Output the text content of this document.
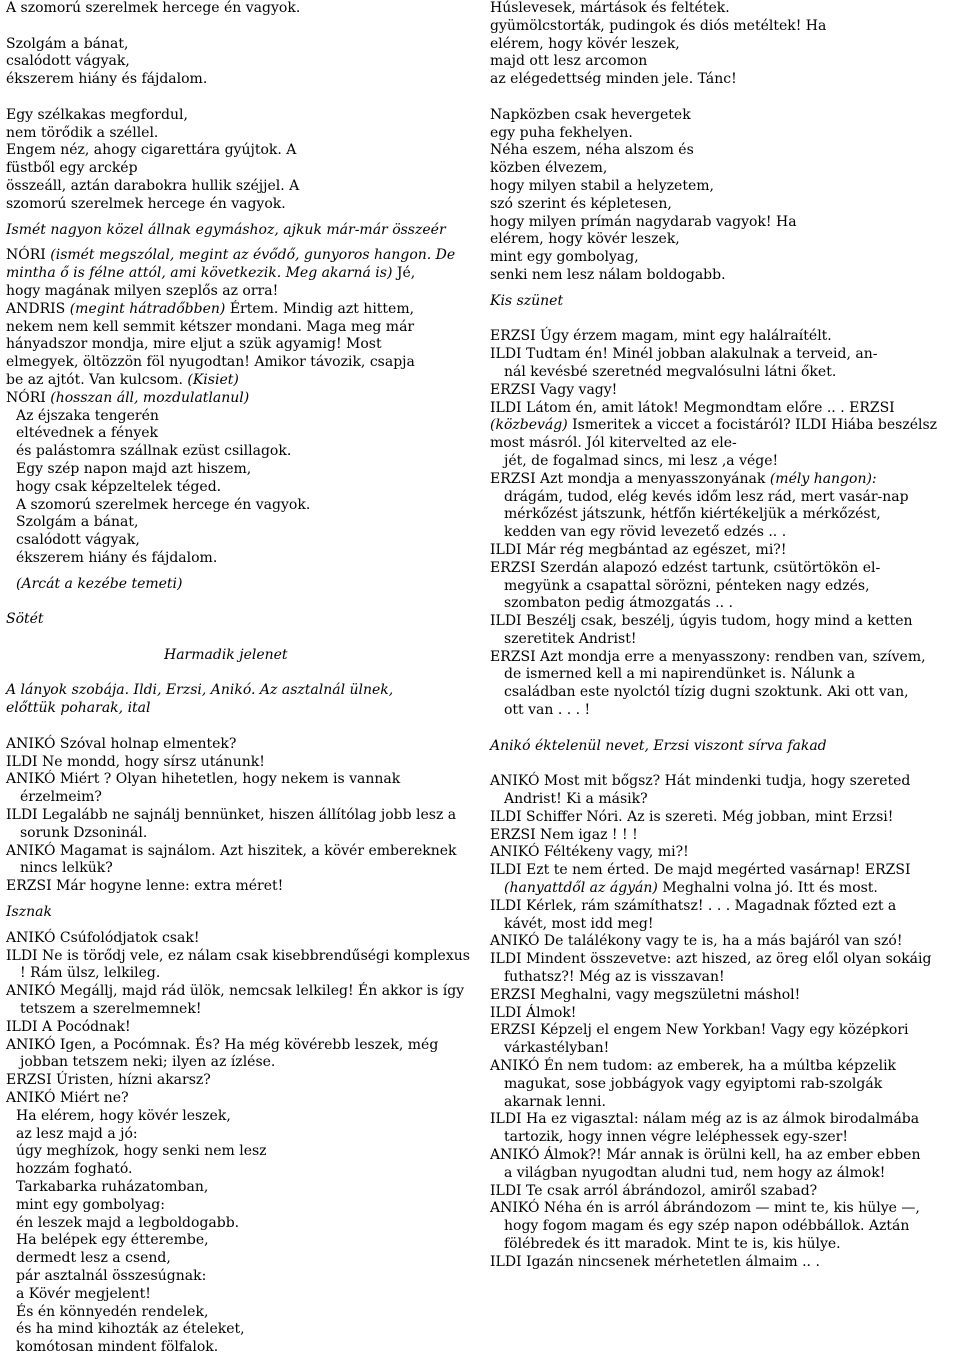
A szomorú szerelmek hercege én vagyok.

Szolgám a bánat,

csalódott vágyak,

ékszerem hiány és fájdalom.

Egy szélkakas megfordul,

nem törődik a széllel.

Engem néz, ahogy cigarettára gyújtok. A

füstből egy arckép

összeáll, aztán darabokra hullik széjjel. A

szomorú szerelmek hercege én vagyok.

Ismét nagyon közel állnak egymáshoz, ajkuk már-már összeér

NÓRI (ismét megszólal, megint az évődő, gunyoros hangon. De

mintha ő is félne attól, ami következik. Meg akarná is) Jé,

hogy magának milyen szeplős az orra!

ANDRIS (megint hátradőbben) Értem. Mindig azt hittem,

nekem nem kell semmit kétszer mondani. Maga meg már

hányadszor mondja, mire eljut a szük agyamig! Most

elmegyek, öltözzön föl nyugodtan! Amikor távozik, csapja

be az ajtót. Van kulcsom. (Kisiet)

NÓRI (hosszan áll, mozdulatlanul)

Az éjszaka tengerén

eltévednek a fények

és palástomra szállnak ezüst csillagok.

Egy szép napon majd azt hiszem,

hogy csak képzeltelek téged.

A szomorú szerelmek hercege én vagyok.

Szolgám a bánat,

csalódott vágyak,

ékszerem hiány és fájdalom.

(Arcát a kezébe temeti)

Sötét

Harmadik jelenet

A lányok szobája. Ildi, Erzsi, Anikó. Az asztalnál ülnek,

előttük poharak, ital

ANIKÓ Szóval holnap elmentek?

ILDI Ne mondd, hogy sírsz utánunk!

ANIKÓ Miért ? Olyan hihetetlen, hogy nekem is vannak érzelmeim?

ILDI Legalább ne sajnálj bennünket, hiszen állítólag jobb lesz a sorunk Dzsoninál.

ANIKÓ Magamat is sajnálom. Azt hiszitek, a kövér embereknek nincs lelkük?

ERZSI Már hogyne lenne: extra méret!

Isznak

ANIKÓ Csúfolódjatok csak!

ILDI Ne is törődj vele, ez nálam csak kisebbrendűségi komplexus ! Rám ülsz, lelkileg.

ANIKÓ Megállj, majd rád ülök, nemcsak lelkileg! Én akkor is így tetszem a szerelmemnek!

ILDI A Pocódnak!

ANIKÓ Igen, a Pocómnak. És? Ha még kövérebb leszek, még jobban tetszem neki; ilyen az ízlése.

ERZSI Úristen, hízni akarsz?

ANIKÓ Miért ne?

Ha elérem, hogy kövér leszek,

az lesz majd a jó:

úgy meghízok, hogy senki nem lesz

hozzám fogható.

Tarkabarka ruházatomban,

mint egy gombolyag:

én leszek majd a legboldogabb.

Ha belépek egy étterembe,

dermedt lesz a csend,

pár asztalnál összesúgnak:

a Kövér megjelent!

És én könnyedén rendelek,

és ha mind kihozták az ételeket,

komótosan mindent fölfalok.

Húslevesek, mártások és feltétek.

gyümölcstorták, pudingok és diós metéltek! Ha

elérem, hogy kövér leszek,

majd ott lesz arcomon

az elégedettség minden jele. Tánc!

Napközben csak hevergetek

egy puha fekhelyen.

Néha eszem, néha alszom és

közben élvezem,

hogy milyen stabil a helyzetem,

szó szerint és képletesen,

hogy milyen prímán nagydarab vagyok! Ha

elérem, hogy kövér leszek,

mint egy gombolyag,

senki nem lesz nálam boldogabb.

Kis szünet

ERZSI Úgy érzem magam, mint egy halálraítélt.

ILDI Tudtam én! Minél jobban alakulnak a terveid, an-

nál kevésbé szeretnéd megvalósulni látni őket.

ERZSI Vagy vagy!

ILDI Látom én, amit látok! Megmondtam előre .. . ERZSI

(közbevág) Ismeritek a viccet a focistáról? ILDI Hiába beszélsz

most másról. Jól kitervelted az ele-

jét, de fogalmad sincs, mi lesz ,a vége!

ERZSI Azt mondja a menyasszonyának (mély hangon):

drágám, tudod, elég kevés időm lesz rád, mert vasár-nap

mérkőzést játszunk, hétfőn kiértékeljük a mérkőzést,

kedden van egy rövid levezető edzés .. .

ILDI Már rég megbántad az egészet, mi?!

ERZSI Szerdán alapozó edzést tartunk, csütörtökön el-

megyünk a csapattal sörözni, pénteken nagy edzés,

szombaton pedig átmozgatás .. .

ILDI Beszélj csak, beszélj, úgyis tudom, hogy mind a ketten

szeretitek Andrist!

ERZSI Azt mondja erre a menyasszony: rendben van, szívem,

de ismerned kell a mi napirendünket is. Nálunk a

családban este nyolctól tízig dugni szoktunk. Aki ott van,

ott van . . . !

Anikó éktelenül nevet, Erzsi viszont sírva fakad

ANIKÓ Most mit bőgsz? Hát mindenki tudja, hogy szereted

Andrist! Ki a másik?

ILDI Schiffer Nóri. Az is szereti. Még jobban, mint Erzsi!

ERZSI Nem igaz ! ! !

ANIKÓ Féltékeny vagy, mi?!

ILDI Ezt te nem érted. De majd megérted vasárnap! ERZSI

(hanyattdől az ágyán) Meghalni volna jó. Itt és most.

ILDI Kérlek, rám számíthatsz! . . . Magadnak főzted ezt a

kávét, most idd meg!

ANIKÓ De találékony vagy te is, ha a más bajáról van szó!

ILDI Mindent összevetve: azt hiszed, az öreg elől olyan sokáig

futhatsz?! Még az is visszavan!

ERZSI Meghalni, vagy megszületni máshol!

ILDI Álmok!

ERZSI Képzelj el engem New Yorkban! Vagy egy középkori

várkastélyban!

ANIKÓ Én nem tudom: az emberek, ha a múltba képzelik

magukat, sose jobbágyok vagy egyiptomi rab-szolgák

akarnak lenni.

ILDI Ha ez vigasztal: nálam még az is az álmok birodalmába

tartozik, hogy innen végre leléphessek egy-szer!

ANIKÓ Álmok?! Már annak is örülni kell, ha az ember ebben

a világban nyugodtan aludni tud, nem hogy az álmok!

ILDI Te csak arról ábrándozol, amiről szabad?

ANIKÓ Néha én is arról ábrándozom — mint te, kis hülye —,

hogy fogom magam és egy szép napon odébbállok. Aztán

fölébredek és itt maradok. Mint te is, kis hülye.

ILDI Igazán nincsenek mérhetetlen álmaim .. .
